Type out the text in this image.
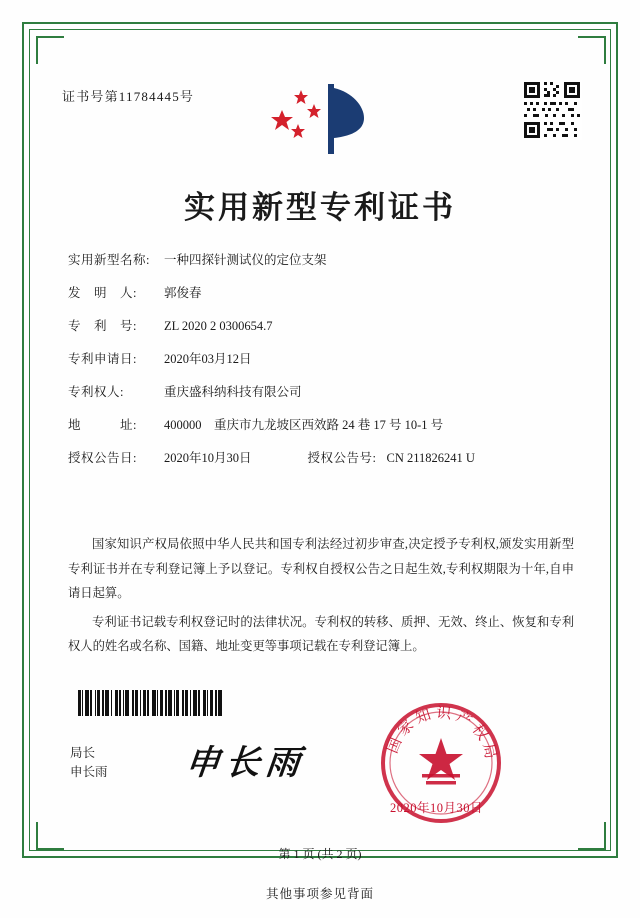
证书号第11784445号
实用新型专利证书
实用新型名称:	一种四探针测试仪的定位支架
发　明　人:	郭俊春
专　利　号:	ZL 2020 2 0300654.7
专利申请日:	2020年03月12日
专利权人:	重庆盛科纳科技有限公司
地　　　址:	400000　重庆市九龙坡区西效路 24 巷 17 号 10-1 号
授权公告日:	2020年10月30日	授权公告号: CN 211826241 U

国家知识产权局依照中华人民共和国专利法经过初步审查,决定授予专利权,颁发实用新型专利证书并在专利登记簿上予以登记。专利权自授权公告之日起生效,专利权期限为十年,自申请日起算。

专利证书记载专利权登记时的法律状况。专利权的转移、质押、无效、终止、恢复和专利权人的姓名或名称、国籍、地址变更等事项记载在专利登记簿上。

局长
申长雨 申长雨	国家知识产权局
2020年10月30日
第 1 页 (共 2 页)
其他事项参见背面
